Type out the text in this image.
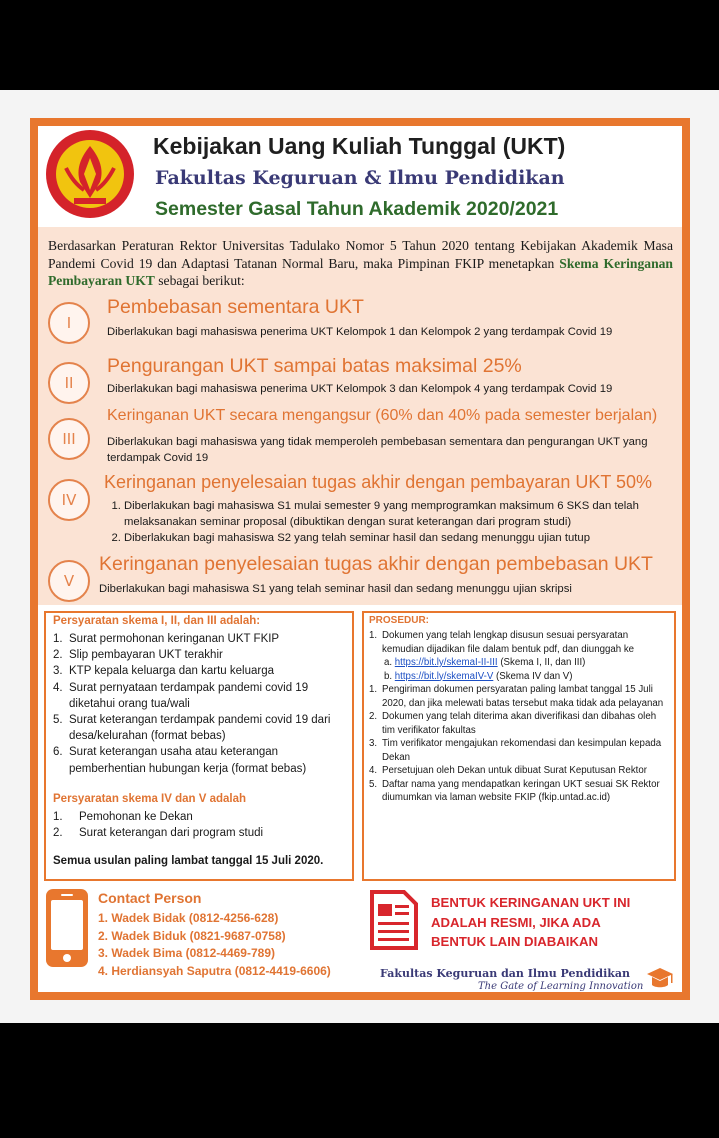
Kebijakan Uang Kuliah Tunggal (UKT)
Fakultas Keguruan & Ilmu Pendidikan
Semester Gasal Tahun Akademik 2020/2021
Berdasarkan Peraturan Rektor Universitas Tadulako Nomor 5 Tahun 2020 tentang Kebijakan Akademik Masa Pandemi Covid 19 dan Adaptasi Tatanan Normal Baru, maka Pimpinan FKIP menetapkan Skema Keringanan Pembayaran UKT sebagai berikut:
I
Pembebasan sementara UKT
Diberlakukan bagi mahasiswa penerima UKT Kelompok 1 dan Kelompok 2 yang terdampak Covid 19
II
Pengurangan UKT sampai batas maksimal 25%
Diberlakukan bagi mahasiswa penerima UKT Kelompok 3 dan Kelompok 4 yang terdampak Covid 19
III
Keringanan UKT secara mengangsur (60% dan 40% pada semester berjalan)
Diberlakukan bagi mahasiswa yang tidak memperoleh pembebasan sementara dan pengurangan UKT yang terdampak Covid 19
IV
Keringanan penyelesaian tugas akhir dengan pembayaran UKT 50%
1. Diberlakukan bagi mahasiswa S1 mulai semester 9 yang memprogramkan maksimum 6 SKS dan telah melaksanakan seminar proposal (dibuktikan dengan surat keterangan dari program studi)
2. Diberlakukan bagi mahasiswa S2 yang telah seminar hasil dan sedang menunggu ujian tutup
V
Keringanan penyelesaian tugas akhir dengan pembebasan UKT
Diberlakukan bagi mahasiswa S1 yang telah seminar hasil dan sedang menunggu ujian skripsi
Persyaratan skema I, II, dan III adalah:
1. Surat permohonan keringanan UKT FKIP
2. Slip pembayaran UKT terakhir
3. KTP kepala keluarga dan kartu keluarga
4. Surat pernyataan terdampak pandemi covid 19 diketahui orang tua/wali
5. Surat keterangan terdampak pandemi covid 19 dari desa/kelurahan (format bebas)
6. Surat keterangan usaha atau keterangan pemberhentian hubungan kerja (format bebas)
Persyaratan skema IV dan V adalah
1.	Pemohonan ke Dekan
2.	Surat keterangan dari program studi
Semua usulan paling lambat tanggal 15 Juli 2020.
PROSEDUR:
1. Dokumen yang telah lengkap disusun sesuai persyaratan kemudian dijadikan file dalam bentuk pdf, dan diunggah ke
a. https://bit.ly/skemaI-II-III
(Skema I, II, dan III)
b. https://bit.ly/skemaIV-V
(Skema IV dan V)
1. Pengiriman dokumen persyaratan paling lambat tanggal 15 Juli 2020, dan jika melewati batas tersebut maka tidak ada pelayanan
2. Dokumen yang telah diterima akan diverifikasi dan dibahas oleh tim verifikator fakultas
3. Tim verifikator mengajukan rekomendasi dan kesimpulan kepada Dekan
4. Persetujuan oleh Dekan untuk dibuat Surat Keputusan Rektor
5. Daftar nama yang mendapatkan keringan UKT sesuai SK Rektor diumumkan via laman website FKIP (fkip.untad.ac.id)
Contact Person
1. Wadek Bidak (0812-4256-628)
2. Wadek Biduk (0821-9687-0758)
3. Wadek Bima (0812-4469-789)
4. Herdiansyah Saputra (0812-4419-6606)
BENTUK KERINGANAN UKT INI
ADALAH RESMI, JIKA ADA
BENTUK LAIN DIABAIKAN
Fakultas Keguruan dan Ilmu Pendidikan
The Gate of Learning Innovation
